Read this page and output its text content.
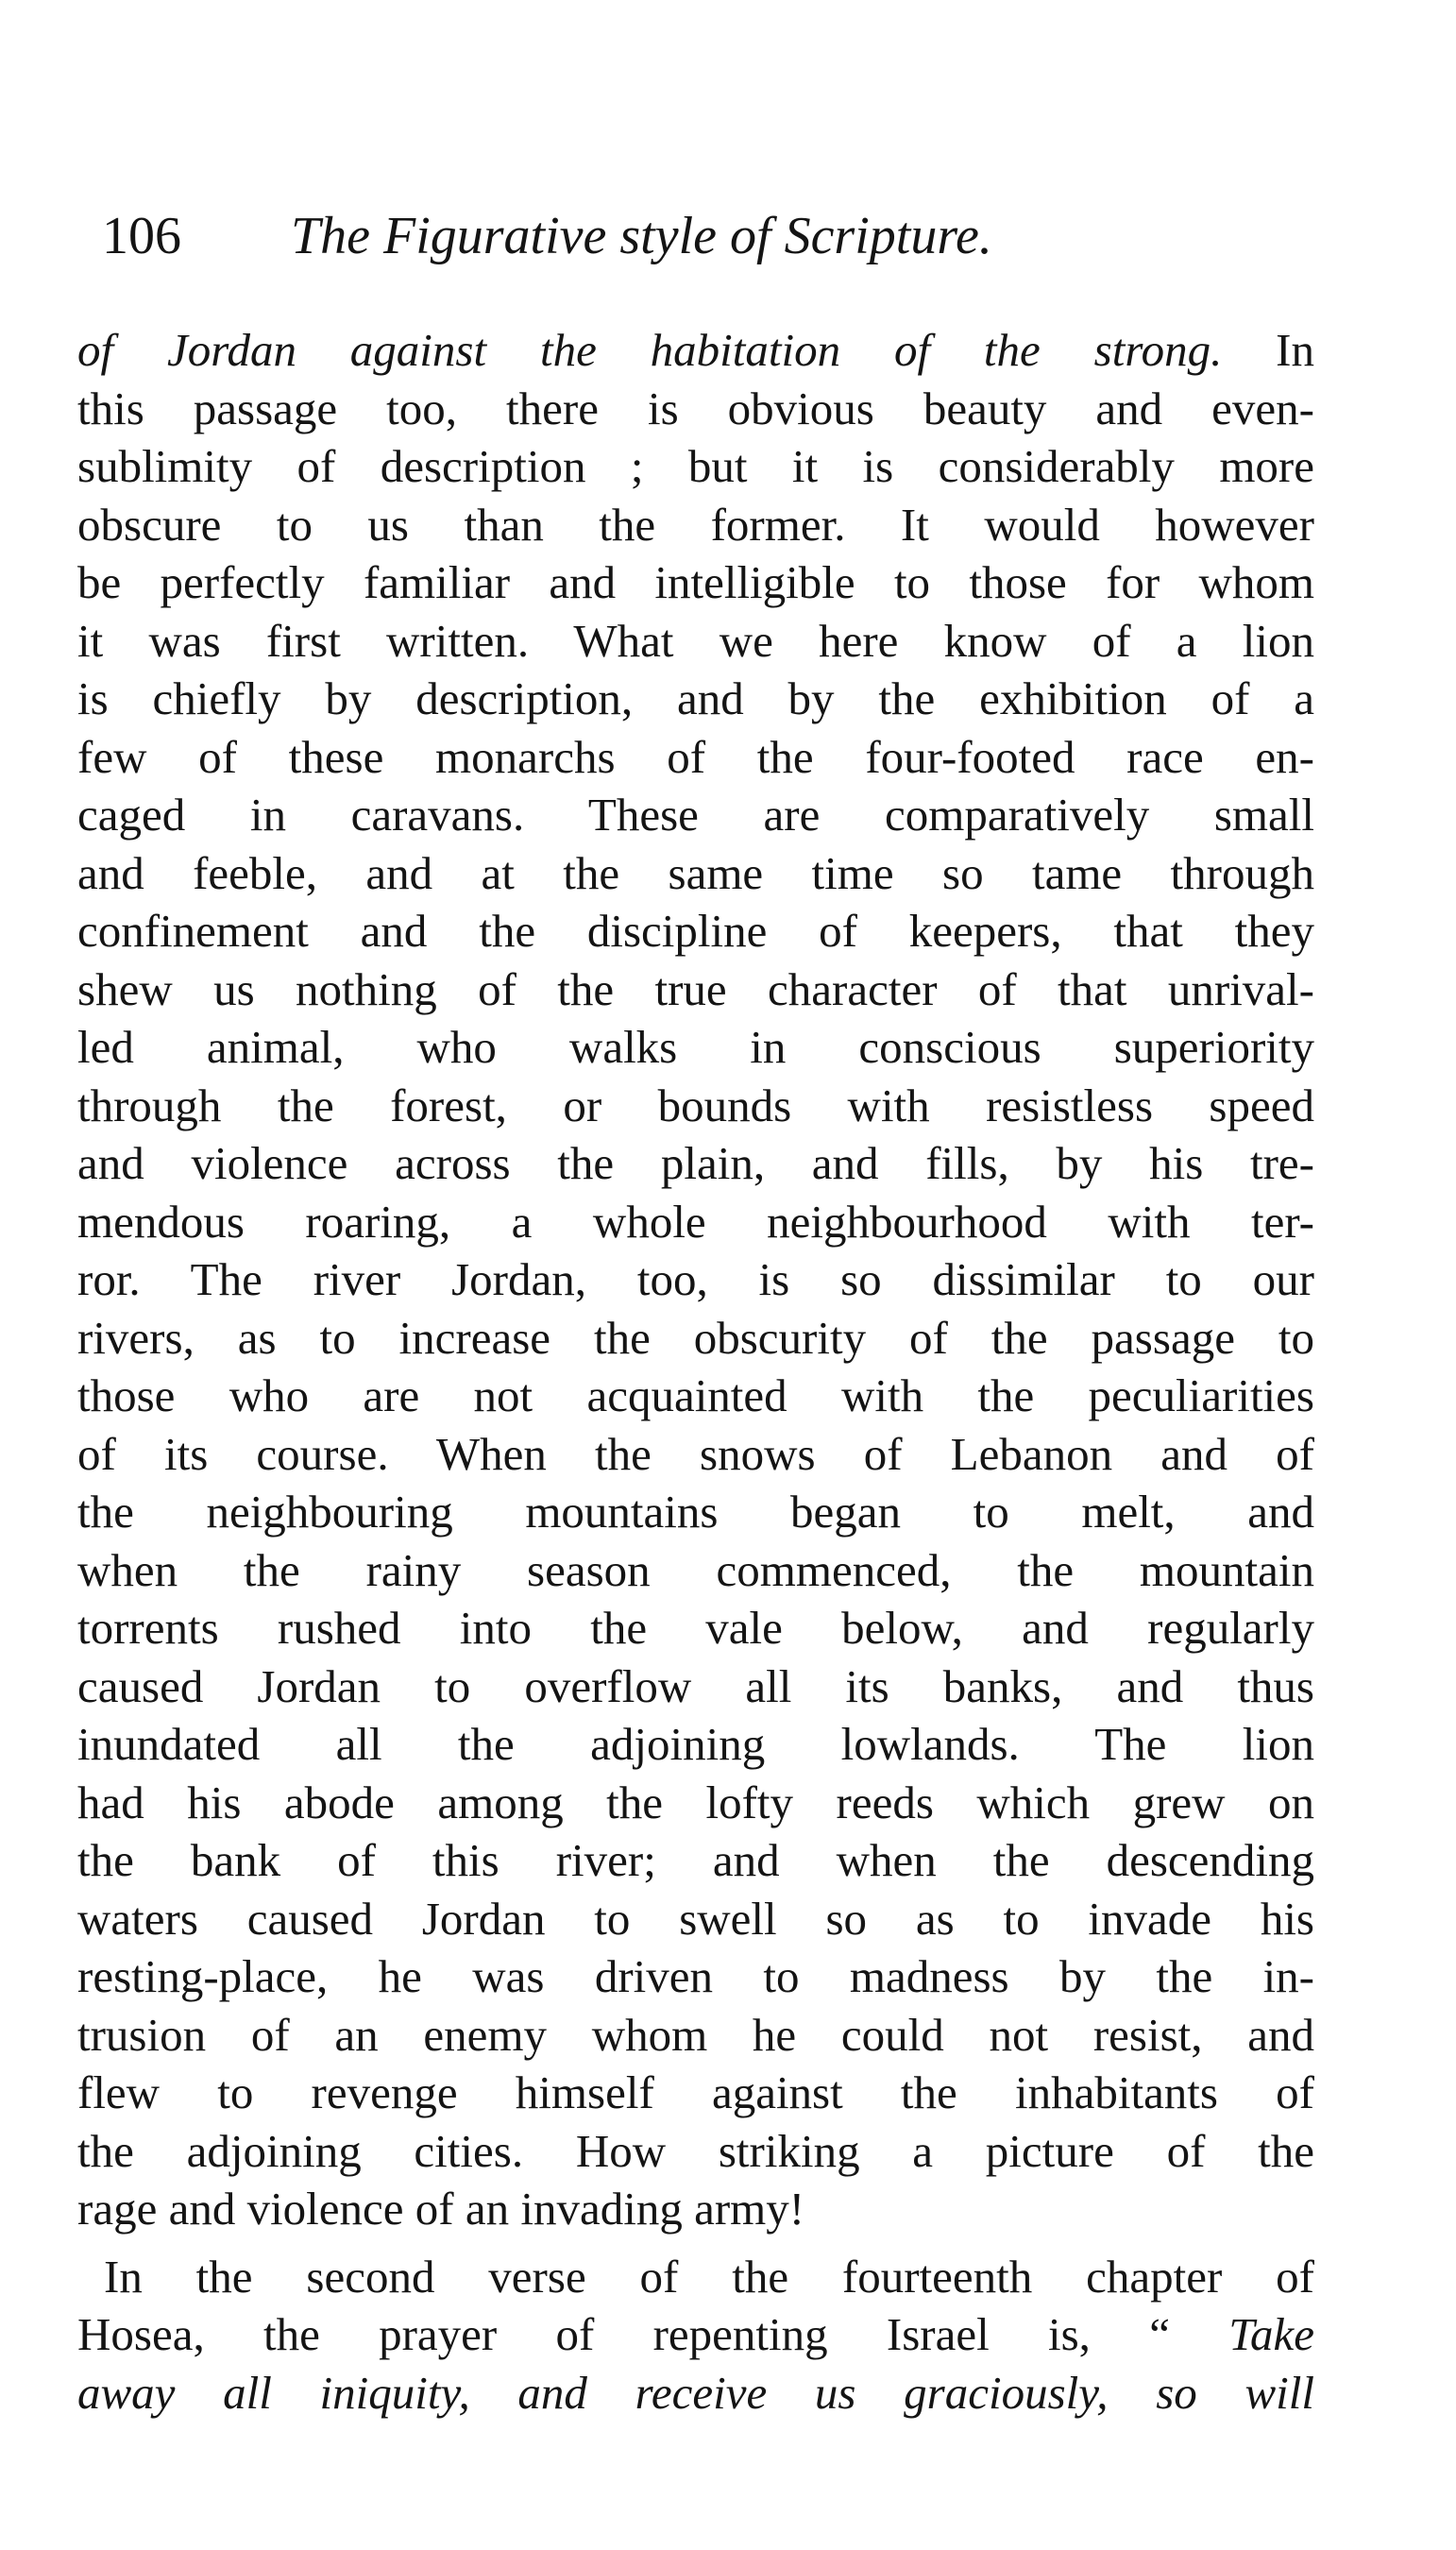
106 The Figurative style of Scripture.
of Jordan against the habitation of the strong. In
this passage too, there is obvious beauty and even-
sublimity of description ; but it is considerably more
obscure to us than the former. It would however
be perfectly familiar and intelligible to those for whom
it was first written. What we here know of a lion
is chiefly by description, and by the exhibition of a
few of these monarchs of the four-footed race en-
caged in caravans. These are comparatively small
and feeble, and at the same time so tame through
confinement and the discipline of keepers, that they
shew us nothing of the true character of that unrival-
led animal, who walks in conscious superiority
through the forest, or bounds with resistless speed
and violence across the plain, and fills, by his tre-
mendous roaring, a whole neighbourhood with ter-
ror. The river Jordan, too, is so dissimilar to our
rivers, as to increase the obscurity of the passage to
those who are not acquainted with the peculiarities
of its course. When the snows of Lebanon and of
the neighbouring mountains began to melt, and
when the rainy season commenced, the mountain
torrents rushed into the vale below, and regularly
caused Jordan to overflow all its banks, and thus
inundated all the adjoining lowlands. The lion
had his abode among the lofty reeds which grew on
the bank of this river; and when the descending
waters caused Jordan to swell so as to invade his
resting-place, he was driven to madness by the in-
trusion of an enemy whom he could not resist, and
flew to revenge himself against the inhabitants of
the adjoining cities. How striking a picture of the
rage and violence of an invading army!
In the second verse of the fourteenth chapter of
Hosea, the prayer of repenting Israel is, “ Take
away all iniquity, and receive us graciously, so will
